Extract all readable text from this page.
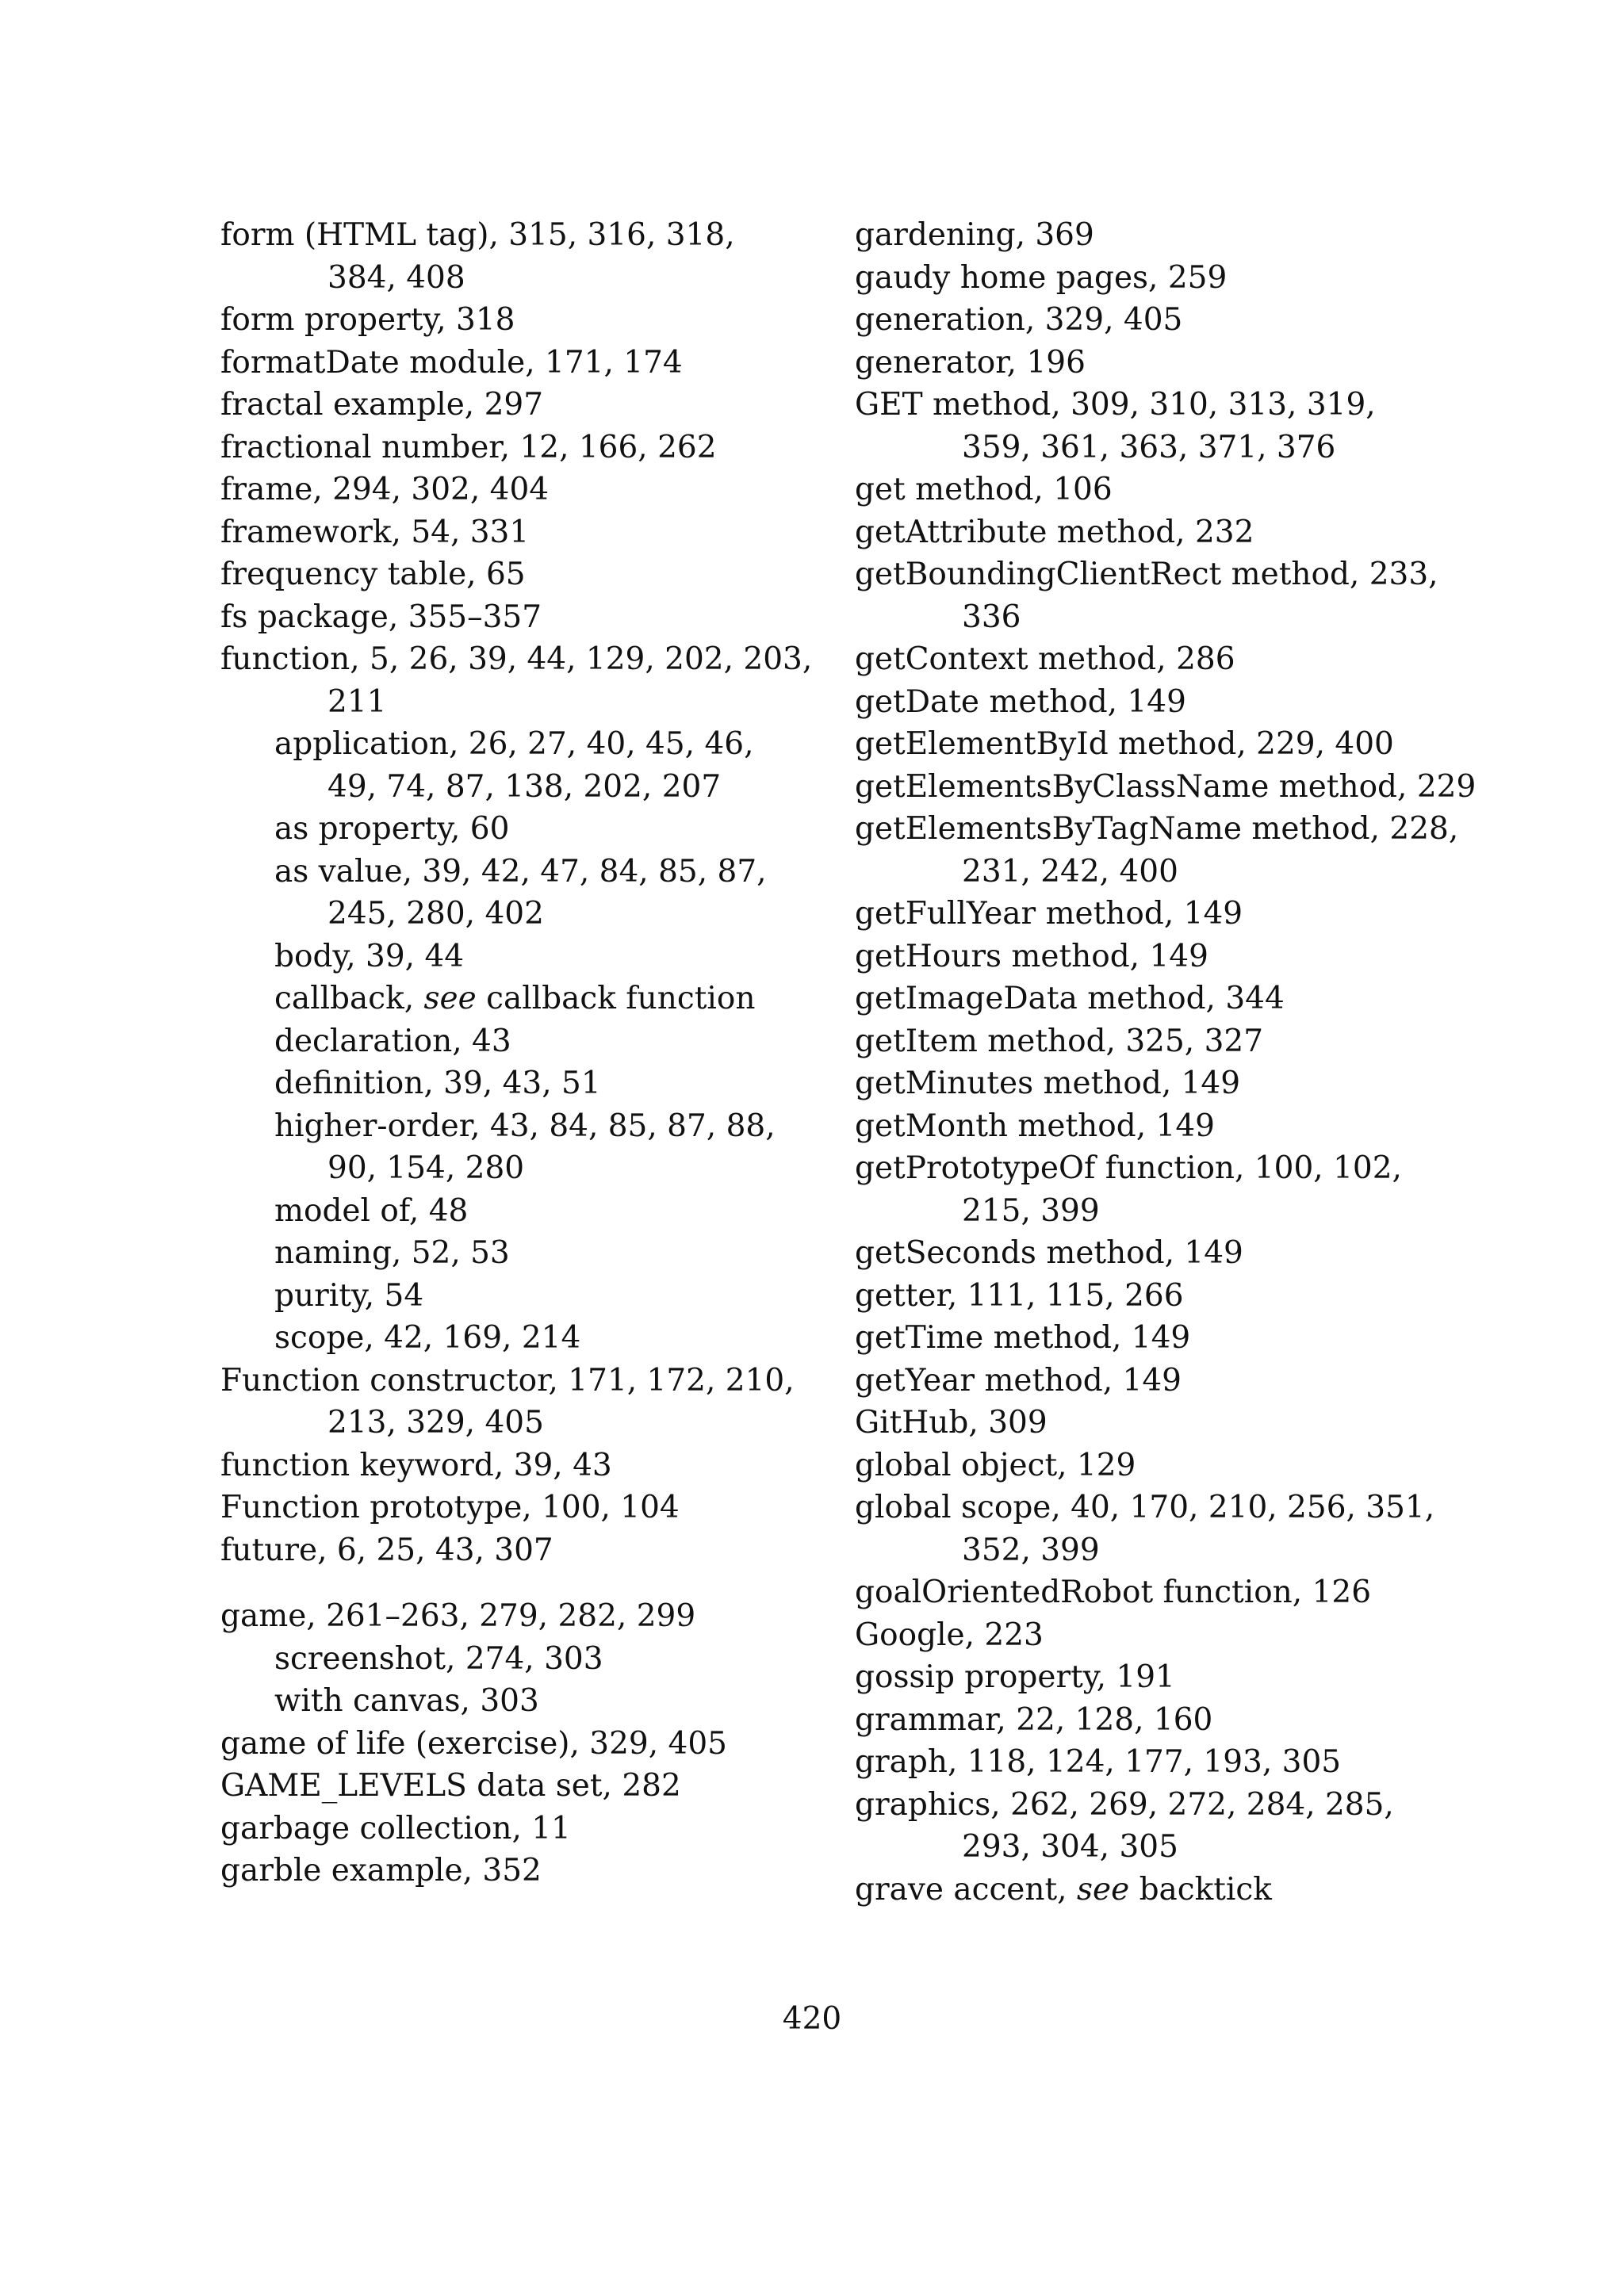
form (HTML tag), 315, 316, 318,
384, 408
form property, 318
formatDate module, 171, 174
fractal example, 297
fractional number, 12, 166, 262
frame, 294, 302, 404
framework, 54, 331
frequency table, 65
fs package, 355–357
function, 5, 26, 39, 44, 129, 202, 203,
211
application, 26, 27, 40, 45, 46,
49, 74, 87, 138, 202, 207
as property, 60
as value, 39, 42, 47, 84, 85, 87,
245, 280, 402
body, 39, 44
callback, see callback function
declaration, 43
definition, 39, 43, 51
higher-order, 43, 84, 85, 87, 88,
90, 154, 280
model of, 48
naming, 52, 53
purity, 54
scope, 42, 169, 214
Function constructor, 171, 172, 210,
213, 329, 405
function keyword, 39, 43
Function prototype, 100, 104
future, 6, 25, 43, 307
game, 261–263, 279, 282, 299
screenshot, 274, 303
with canvas, 303
game of life (exercise), 329, 405
GAME_LEVELS data set, 282
garbage collection, 11
garble example, 352
gardening, 369
gaudy home pages, 259
generation, 329, 405
generator, 196
GET method, 309, 310, 313, 319,
359, 361, 363, 371, 376
get method, 106
getAttribute method, 232
getBoundingClientRect method, 233,
336
getContext method, 286
getDate method, 149
getElementById method, 229, 400
getElementsByClassName method, 229
getElementsByTagName method, 228,
231, 242, 400
getFullYear method, 149
getHours method, 149
getImageData method, 344
getItem method, 325, 327
getMinutes method, 149
getMonth method, 149
getPrototypeOf function, 100, 102,
215, 399
getSeconds method, 149
getter, 111, 115, 266
getTime method, 149
getYear method, 149
GitHub, 309
global object, 129
global scope, 40, 170, 210, 256, 351,
352, 399
goalOrientedRobot function, 126
Google, 223
gossip property, 191
grammar, 22, 128, 160
graph, 118, 124, 177, 193, 305
graphics, 262, 269, 272, 284, 285,
293, 304, 305
grave accent, see backtick
420
